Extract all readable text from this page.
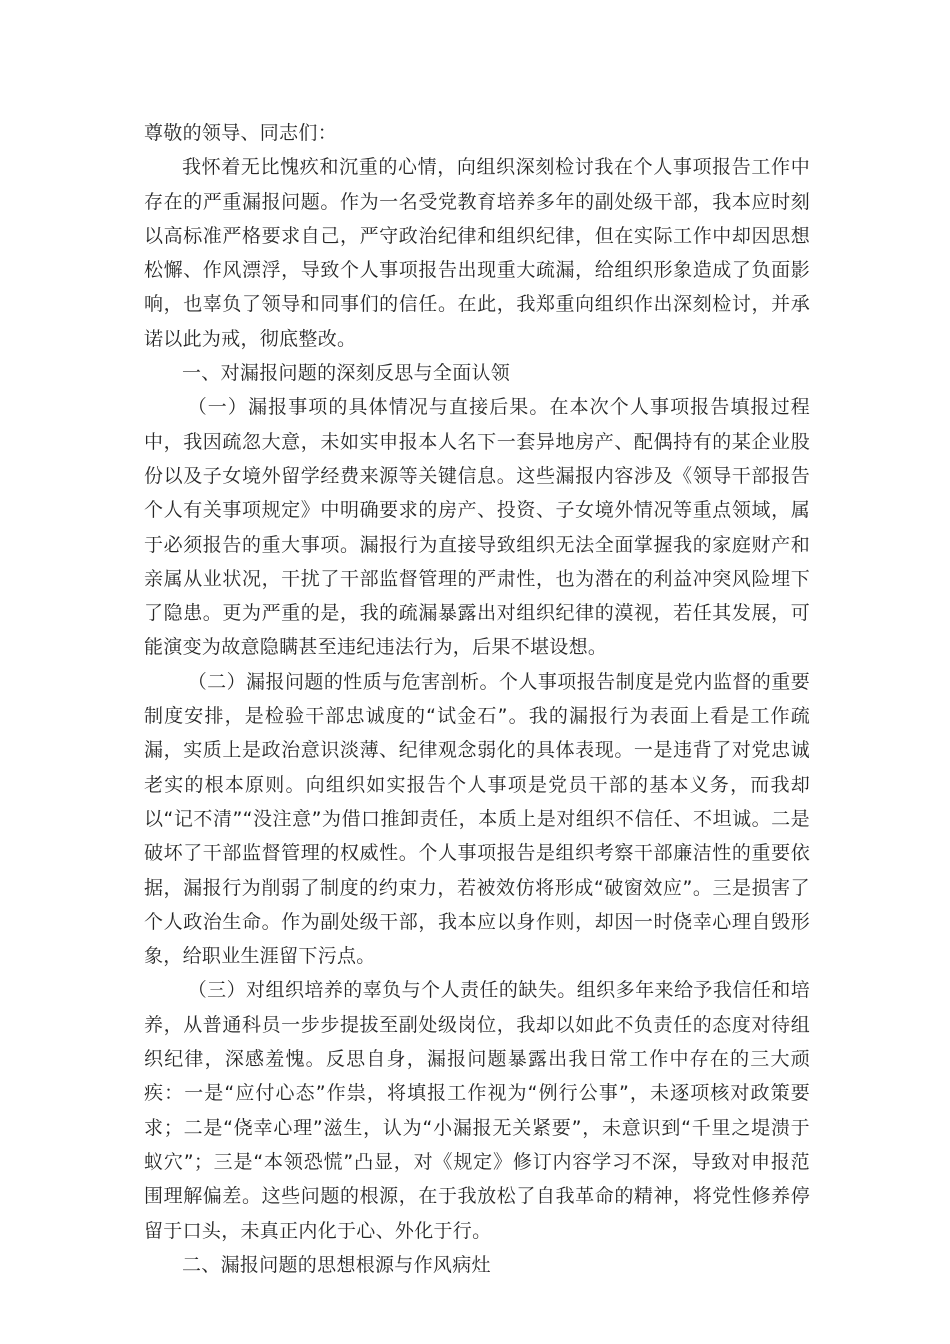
尊敬的领导、同志们：

我怀着无比愧疚和沉重的心情，向组织深刻检讨我在个人事项报告工作中存在的严重漏报问题。作为一名受党教育培养多年的副处级干部，我本应时刻以高标准严格要求自己，严守政治纪律和组织纪律，但在实际工作中却因思想松懈、作风漂浮，导致个人事项报告出现重大疏漏，给组织形象造成了负面影响，也辜负了领导和同事们的信任。在此，我郑重向组织作出深刻检讨，并承诺以此为戒，彻底整改。

一、对漏报问题的深刻反思与全面认领

（一）漏报事项的具体情况与直接后果。在本次个人事项报告填报过程中，我因疏忽大意，未如实申报本人名下一套异地房产、配偶持有的某企业股份以及子女境外留学经费来源等关键信息。这些漏报内容涉及《领导干部报告个人有关事项规定》中明确要求的房产、投资、子女境外情况等重点领域，属于必须报告的重大事项。漏报行为直接导致组织无法全面掌握我的家庭财产和亲属从业状况，干扰了干部监督管理的严肃性，也为潜在的利益冲突风险埋下了隐患。更为严重的是，我的疏漏暴露出对组织纪律的漠视，若任其发展，可能演变为故意隐瞒甚至违纪违法行为，后果不堪设想。

（二）漏报问题的性质与危害剖析。个人事项报告制度是党内监督的重要制度安排，是检验干部忠诚度的“试金石”。我的漏报行为表面上看是工作疏漏，实质上是政治意识淡薄、纪律观念弱化的具体表现。一是违背了对党忠诚老实的根本原则。向组织如实报告个人事项是党员干部的基本义务，而我却以“记不清”“没注意”为借口推卸责任，本质上是对组织不信任、不坦诚。二是破坏了干部监督管理的权威性。个人事项报告是组织考察干部廉洁性的重要依据，漏报行为削弱了制度的约束力，若被效仿将形成“破窗效应”。三是损害了个人政治生命。作为副处级干部，我本应以身作则，却因一时侥幸心理自毁形象，给职业生涯留下污点。

（三）对组织培养的辜负与个人责任的缺失。组织多年来给予我信任和培养，从普通科员一步步提拔至副处级岗位，我却以如此不负责任的态度对待组织纪律，深感羞愧。反思自身，漏报问题暴露出我日常工作中存在的三大顽疾：一是“应付心态”作祟，将填报工作视为“例行公事”，未逐项核对政策要求；二是“侥幸心理”滋生，认为“小漏报无关紧要”，未意识到“千里之堤溃于蚁穴”；三是“本领恐慌”凸显，对《规定》修订内容学习不深，导致对申报范围理解偏差。这些问题的根源，在于我放松了自我革命的精神，将党性修养停留于口头，未真正内化于心、外化于行。

二、漏报问题的思想根源与作风病灶
